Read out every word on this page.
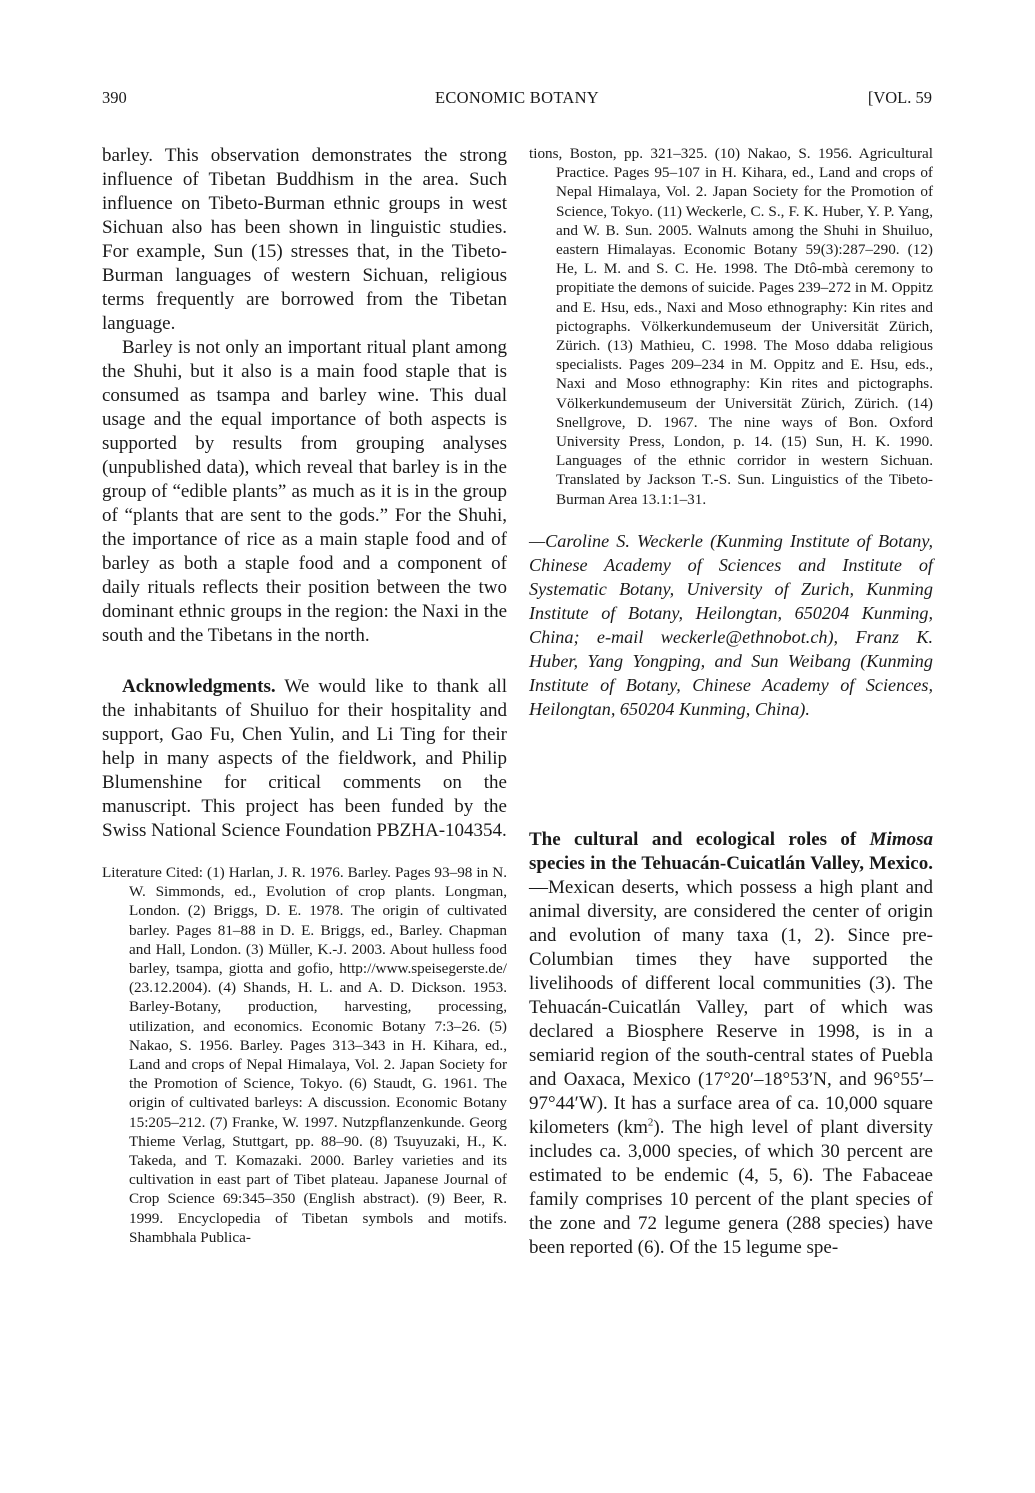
390	ECONOMIC BOTANY	[VOL. 59

barley. This observation demonstrates the strong influence of Tibetan Buddhism in the area. Such influence on Tibeto-Burman ethnic groups in west Sichuan also has been shown in linguistic studies. For example, Sun (15) stresses that, in the Tibeto-Burman languages of western Sichuan, religious terms frequently are borrowed from the Tibetan language.

Barley is not only an important ritual plant among the Shuhi, but it also is a main food staple that is consumed as tsampa and barley wine. This dual usage and the equal importance of both aspects is supported by results from grouping analyses (unpublished data), which reveal that barley is in the group of “edible plants” as much as it is in the group of “plants that are sent to the gods.” For the Shuhi, the importance of rice as a main staple food and of barley as both a staple food and a component of daily rituals reflects their position between the two dominant ethnic groups in the region: the Naxi in the south and the Tibetans in the north.

Acknowledgments. We would like to thank all the inhabitants of Shuiluo for their hospitality and support, Gao Fu, Chen Yulin, and Li Ting for their help in many aspects of the fieldwork, and Philip Blumenshine for critical comments on the manuscript. This project has been funded by the Swiss National Science Foundation PBZHA-104354.

Literature Cited: (1) Harlan, J. R. 1976. Barley. Pages 93–98 in N. W. Simmonds, ed., Evolution of crop plants. Longman, London. (2) Briggs, D. E. 1978. The origin of cultivated barley. Pages 81–88 in D. E. Briggs, ed., Barley. Chapman and Hall, London. (3) Müller, K.-J. 2003. About hulless food barley, tsampa, giotta and gofio, http://www.speisegerste.de/ (23.12.2004). (4) Shands, H. L. and A. D. Dickson. 1953. Barley-Botany, production, harvesting, processing, utilization, and economics. Economic Botany 7:3–26. (5) Nakao, S. 1956. Barley. Pages 313–343 in H. Kihara, ed., Land and crops of Nepal Himalaya, Vol. 2. Japan Society for the Promotion of Science, Tokyo. (6) Staudt, G. 1961. The origin of cultivated barleys: A discussion. Economic Botany 15:205–212. (7) Franke, W. 1997. Nutzpflanzenkunde. Georg Thieme Verlag, Stuttgart, pp. 88–90. (8) Tsuyuzaki, H., K. Takeda, and T. Komazaki. 2000. Barley varieties and its cultivation in east part of Tibet plateau. Japanese Journal of Crop Science 69:345–350 (English abstract). (9) Beer, R. 1999. Encyclopedia of Tibetan symbols and motifs. Shambhala Publica-

tions, Boston, pp. 321–325. (10) Nakao, S. 1956. Agricultural Practice. Pages 95–107 in H. Kihara, ed., Land and crops of Nepal Himalaya, Vol. 2. Japan Society for the Promotion of Science, Tokyo. (11) Weckerle, C. S., F. K. Huber, Y. P. Yang, and W. B. Sun. 2005. Walnuts among the Shuhi in Shuiluo, eastern Himalayas. Economic Botany 59(3):287–290. (12) He, L. M. and S. C. He. 1998. The Dtô-mbà ceremony to propitiate the demons of suicide. Pages 239–272 in M. Oppitz and E. Hsu, eds., Naxi and Moso ethnography: Kin rites and pictographs. Völkerkundemuseum der Universität Zürich, Zürich. (13) Mathieu, C. 1998. The Moso ddaba religious specialists. Pages 209–234 in M. Oppitz and E. Hsu, eds., Naxi and Moso ethnography: Kin rites and pictographs. Völkerkundemuseum der Universität Zürich, Zürich. (14) Snellgrove, D. 1967. The nine ways of Bon. Oxford University Press, London, p. 14. (15) Sun, H. K. 1990. Languages of the ethnic corridor in western Sichuan. Translated by Jackson T.-S. Sun. Linguistics of the Tibeto-Burman Area 13.1:1–31.

—Caroline S. Weckerle (Kunming Institute of Botany, Chinese Academy of Sciences and Institute of Systematic Botany, University of Zurich, Kunming Institute of Botany, Heilongtan, 650204 Kunming, China; e-mail weckerle@ethnobot.ch), Franz K. Huber, Yang Yongping, and Sun Weibang (Kunming Institute of Botany, Chinese Academy of Sciences, Heilongtan, 650204 Kunming, China).

The cultural and ecological roles of Mimosa species in the Tehuacán-Cuicatlán Valley, Mexico.—Mexican deserts, which possess a high plant and animal diversity, are considered the center of origin and evolution of many taxa (1, 2). Since pre-Columbian times they have supported the livelihoods of different local communities (3). The Tehuacán-Cuicatlán Valley, part of which was declared a Biosphere Reserve in 1998, is in a semiarid region of the south-central states of Puebla and Oaxaca, Mexico (17°20′–18°53′N, and 96°55′–97°44′W). It has a surface area of ca. 10,000 square kilometers $(km^2)$. The high level of plant diversity includes ca. 3,000 species, of which 30 percent are estimated to be endemic (4, 5, 6). The Fabaceae family comprises 10 percent of the plant species of the zone and 72 legume genera (288 species) have been reported (6). Of the 15 legume spe-
